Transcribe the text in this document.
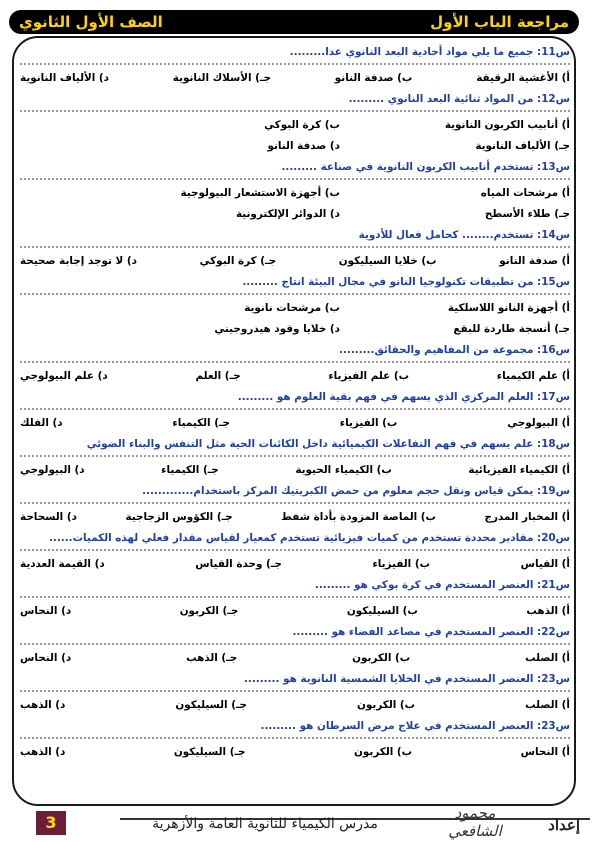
مراجعة الباب الأول
الصف الأول الثانوي

س11: جميع ما يلي مواد أحادية البعد النانوي عدا.........

أ) الأغشية الرقيقة
ب) صدفة النانو
جـ) الأسلاك النانوية
د) الألياف النانوية

س12: من المواد ثنائية البعد النانوي .........

أ) أنابيب الكربون النانوية
ب) كرة البوكي
جـ) الألياف النانوية
د) صدفة النانو

س13: تستخدم أنابيب الكربون النانوية في صناعة .........

أ) مرشحات المياه
ب) أجهزة الاستشعار البيولوجية
جـ) طلاء الأسطح
د) الدوائر الإلكترونية

س14: تستخدم........ كحامل فعال للأدوية

أ) صدفة النانو
ب) خلايا السيليكون
جـ) كرة البوكي
د) لا توجد إجابة صحيحة

س15: من تطبيقات تكنولوجيا النانو في مجال البيئة انتاج .........

أ) أجهزة النانو اللاسلكية
ب) مرشحات نانوية
جـ) أنسجة طاردة للبقع
د) خلايا وقود هيدروجيني

س16: مجموعة من المفاهيم والحقائق.........

أ) علم الكيمياء
ب) علم الفيزياء
جـ) العلم
د) علم البيولوجي

س17: العلم المركزي الذي يسهم في فهم بقية العلوم هو .........

أ) البيولوجي
ب) الفيزياء
جـ) الكيمياء
د) الفلك

س18: علم يسهم في فهم التفاعلات الكيميائية داخل الكائنات الحية مثل التنفس والبناء الضوئي

أ) الكيمياء الفيزيائية
ب) الكيمياء الحيوية
جـ) الكيمياء
د) البيولوجي

س19: يمكن قياس ونقل حجم معلوم من حمض الكبريتيك المركز باستخدام.............

أ) المخبار المدرج
ب) الماصة المزودة بأداة شفط
جـ) الكؤوس الزجاجية
د) السحاحة

س20: مقادير محددة تستخدم من كميات فيزيائية تستخدم كمعيار لقياس مقدار فعلي لهذه الكميات......

أ) القياس
ب) الفيزياء
جـ) وحدة القياس
د) القيمة العددية

س21: العنصر المستخدم في كرة بوكي هو .........

أ) الذهب
ب) السيليكون
جـ) الكربون
د) النحاس

س22: العنصر المستخدم في مصاعد الفضاء هو .........

أ) الصلب
ب) الكربون
جـ) الذهب
د) النحاس

س23: العنصر المستخدم في الخلايا الشمسية النانوية هو .........

أ) الصلب
ب) الكربون
جـ) السيليكون
د) الذهب

س23: العنصر المستخدم في علاج مرض السرطان هو .........

أ) النحاس
ب) الكربون
جـ) السيليكون
د) الذهب
3	مدرس الكيمياء للثانوية العامة والأزهرية
محمود الشافعي	إعداد
